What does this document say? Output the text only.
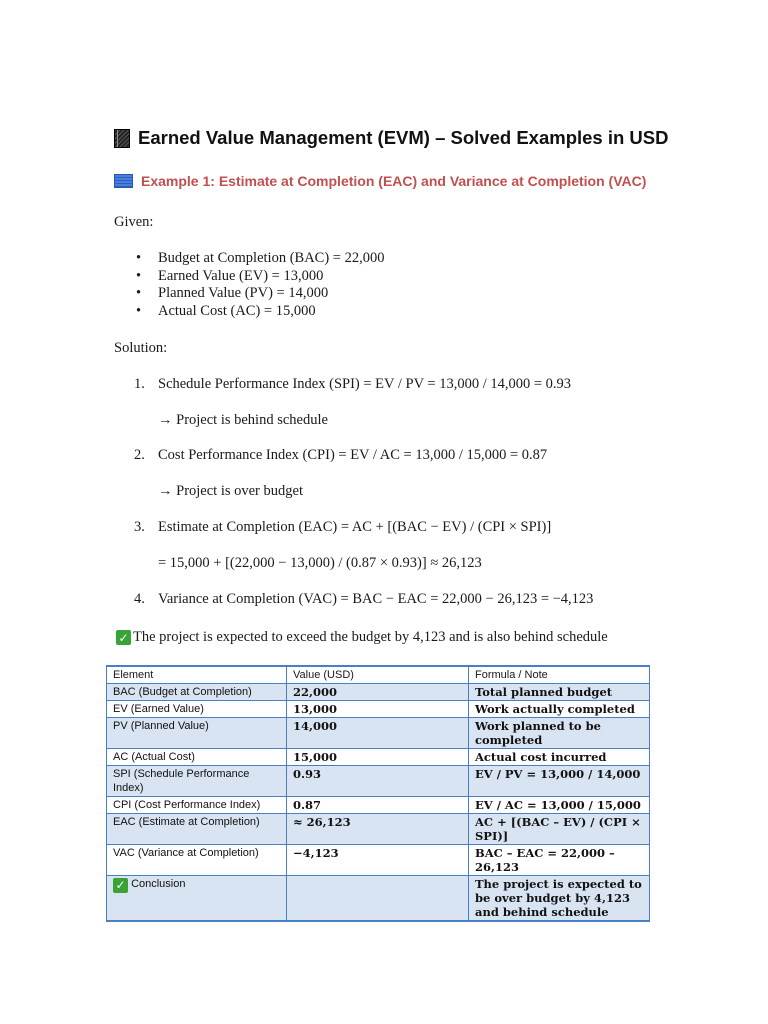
Earned Value Management (EVM) – Solved Examples in USD
Example 1: Estimate at Completion (EAC) and Variance at Completion (VAC)
Given:
• Budget at Completion (BAC) = 22,000
• Earned Value (EV) = 13,000
• Planned Value (PV) = 14,000
• Actual Cost (AC) = 15,000
Solution:
1. Schedule Performance Index (SPI) = EV / PV = 13,000 / 14,000 = 0.93
→ Project is behind schedule
2. Cost Performance Index (CPI) = EV / AC = 13,000 / 15,000 = 0.87
→ Project is over budget
3. Estimate at Completion (EAC) = AC + [(BAC − EV) / (CPI × SPI)]
= 15,000 + [(22,000 − 13,000) / (0.87 × 0.93)] ≈ 26,123
4. Variance at Completion (VAC) = BAC − EAC = 22,000 − 26,123 = −4,123
✓ The project is expected to exceed the budget by 4,123 and is also behind schedule
Element	Value (USD)	Formula / Note
BAC (Budget at Completion)	22,000	Total planned budget
EV (Earned Value)	13,000	Work actually completed
PV (Planned Value)	14,000	Work planned to be completed
AC (Actual Cost)	15,000	Actual cost incurred
SPI (Schedule Performance Index)	0.93	EV / PV = 13,000 / 14,000
CPI (Cost Performance Index)	0.87	EV / AC = 13,000 / 15,000
EAC (Estimate at Completion)	≈ 26,123	AC + [(BAC – EV) / (CPI × SPI)]
VAC (Variance at Completion)	−4,123	BAC – EAC = 22,000 – 26,123
✓ Conclusion		The project is expected to be over budget by 4,123 and behind schedule
